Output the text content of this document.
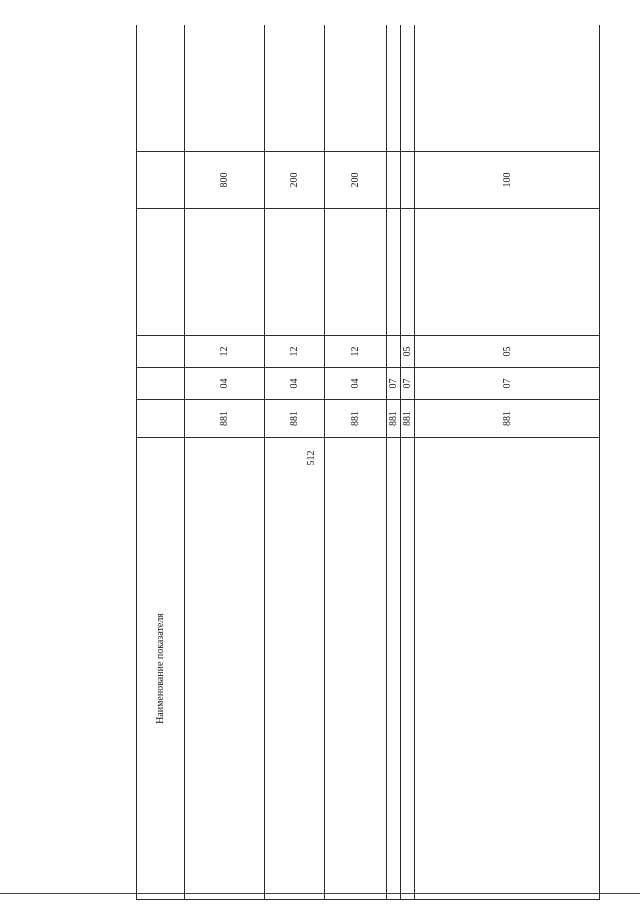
512
Наименование показателя						
	881	04	12		800	
	881	04	12		200	
	881	04	12		200	
	881	07				
	881	07	05			
	881	07	05		100	
